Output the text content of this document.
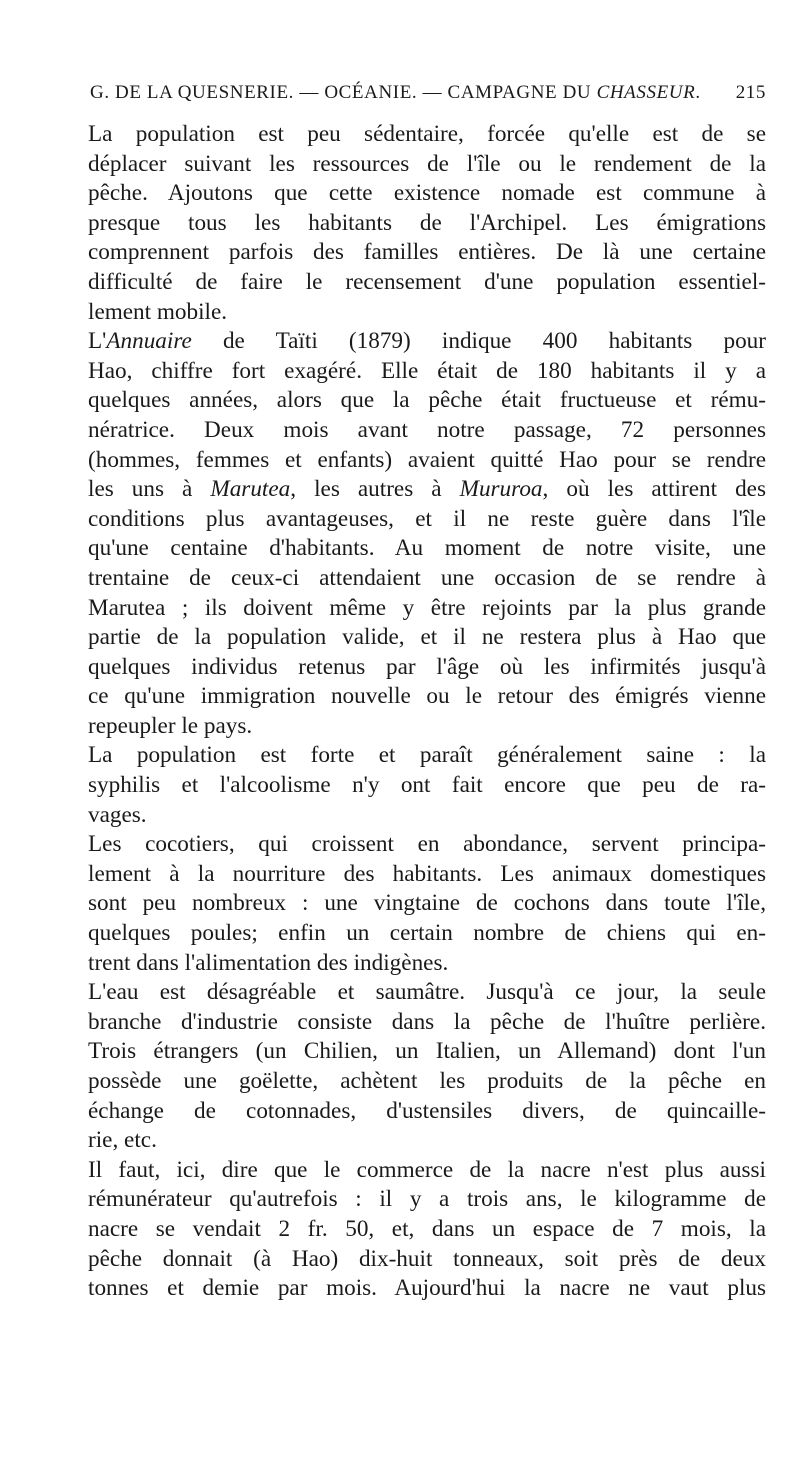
G. DE LA QUESNERIE. — OCÉANIE. — CAMPAGNE DU CHASSEUR. 215
La population est peu sédentaire, forcée qu'elle est de se
déplacer suivant les ressources de l'île ou le rendement de la
pêche. Ajoutons que cette existence nomade est commune à
presque tous les habitants de l'Archipel. Les émigrations
comprennent parfois des familles entières. De là une certaine
difficulté de faire le recensement d'une population essentiel-
lement mobile.
L'Annuaire de Taïti (1879) indique 400 habitants pour
Hao, chiffre fort exagéré. Elle était de 180 habitants il y a
quelques années, alors que la pêche était fructueuse et rému-
nératrice. Deux mois avant notre passage, 72 personnes
(hommes, femmes et enfants) avaient quitté Hao pour se rendre
les uns à Marutea, les autres à Mururoa, où les attirent des
conditions plus avantageuses, et il ne reste guère dans l'île
qu'une centaine d'habitants. Au moment de notre visite, une
trentaine de ceux-ci attendaient une occasion de se rendre à
Marutea ; ils doivent même y être rejoints par la plus grande
partie de la population valide, et il ne restera plus à Hao que
quelques individus retenus par l'âge où les infirmités jusqu'à
ce qu'une immigration nouvelle ou le retour des émigrés vienne
repeupler le pays.
La population est forte et paraît généralement saine : la
syphilis et l'alcoolisme n'y ont fait encore que peu de ra-
vages.
Les cocotiers, qui croissent en abondance, servent principa-
lement à la nourriture des habitants. Les animaux domestiques
sont peu nombreux : une vingtaine de cochons dans toute l'île,
quelques poules; enfin un certain nombre de chiens qui en-
trent dans l'alimentation des indigènes.
L'eau est désagréable et saumâtre. Jusqu'à ce jour, la seule
branche d'industrie consiste dans la pêche de l'huître perlière.
Trois étrangers (un Chilien, un Italien, un Allemand) dont l'un
possède une goëlette, achètent les produits de la pêche en
échange de cotonnades, d'ustensiles divers, de quincaille-
rie, etc.
Il faut, ici, dire que le commerce de la nacre n'est plus aussi
rémunérateur qu'autrefois : il y a trois ans, le kilogramme de
nacre se vendait 2 fr. 50, et, dans un espace de 7 mois, la
pêche donnait (à Hao) dix-huit tonneaux, soit près de deux
tonnes et demie par mois. Aujourd'hui la nacre ne vaut plus
